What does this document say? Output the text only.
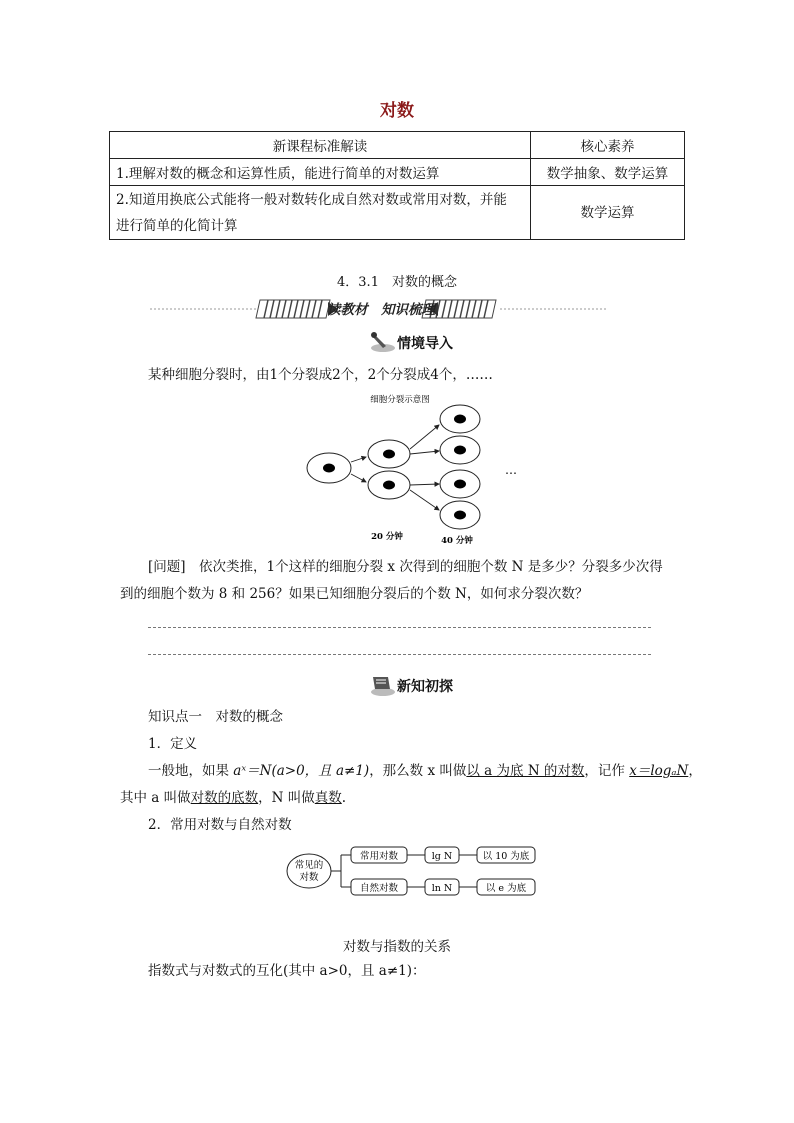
对数
新课程标准解读	核心素养
1.理解对数的概念和运算性质，能进行简单的对数运算	数学抽象、数学运算

2.知道用换底公式能将一般对数转化成自然对数或常用对数，并能
进行简单的化简计算	数学运算
4．3.1　对数的概念
读教材　知识梳理
情境导入
某种细胞分裂时，由1个分裂成2个，2个分裂成4个，……
细胞分裂示意图
…
20 分钟	40 分钟
[问题]　依次类推，1个这样的细胞分裂 x 次得到的细胞个数 N 是多少？分裂多少次得
到的细胞个数为 8 和 256？如果已知细胞分裂后的个数 N，如何求分裂次数？
新知初探
知识点一　对数的概念
1．定义
一般地，如果 aˣ＝N(a>0，且 a≠1)，那么数 x 叫做以 a 为底 N 的对数，记作 x＝logₐN，
其中 a 叫做对数的底数，N 叫做真数.
2．常用对数与自然对数
常见的
对数
常用对数	lg N	以 10 为底
自然对数	ln N	以 e 为底
对数与指数的关系
指数式与对数式的互化(其中 a>0，且 a≠1)：
